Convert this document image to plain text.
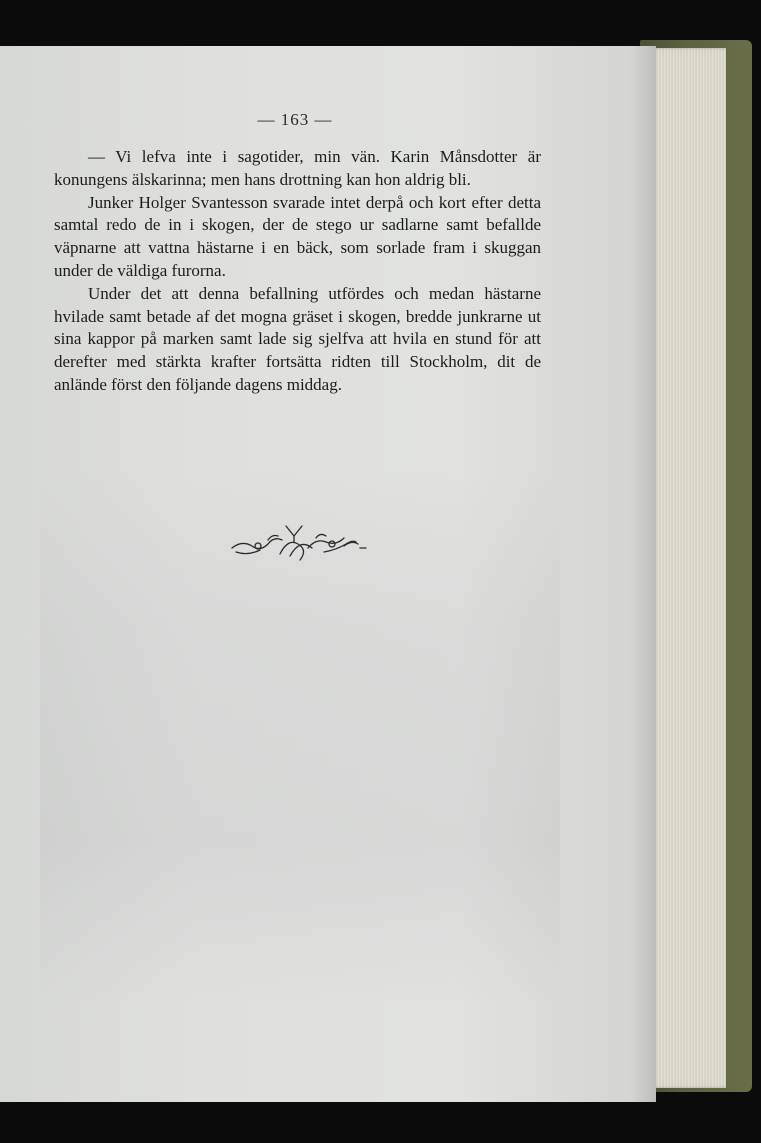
— 163 —

— Vi lefva inte i sagotider, min vän. Karin Månsdotter är konungens älskarinna; men hans drottning kan hon aldrig bli.

Junker Holger Svantesson svarade intet derpå och kort efter detta samtal redo de in i skogen, der de stego ur sadlarne samt befallde väpnarne att vattna hästarne i en bäck, som sorlade fram i skuggan under de väldiga furorna.

Under det att denna befallning utfördes och medan hästarne hvilade samt betade af det mogna gräset i skogen, bredde junkrarne ut sina kappor på marken samt lade sig sjelfva att hvila en stund för att derefter med stärkta krafter fortsätta ridten till Stockholm, dit de anlände först den följande dagens middag.
